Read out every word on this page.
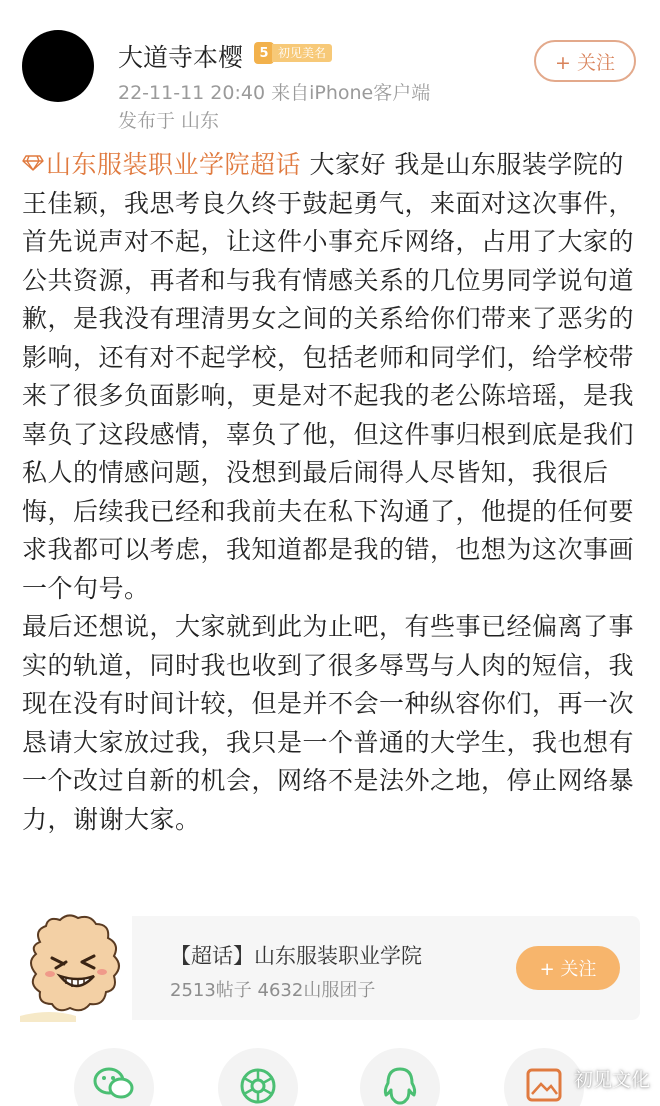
大道寺本樱	5 初见美名
22-11-11 20:40 来自iPhone客户端
发布于 山东
+ 关注
山东服装职业学院超话 大家好 我是山东服装学院的王佳颖，我思考良久终于鼓起勇气，来面对这次事件，首先说声对不起，让这件小事充斥网络，占用了大家的公共资源，再者和与我有情感关系的几位男同学说句道歉，是我没有理清男女之间的关系给你们带来了恶劣的影响，还有对不起学校，包括老师和同学们，给学校带来了很多负面影响，更是对不起我的老公陈培瑶，是我辜负了这段感情，辜负了他，但这件事归根到底是我们私人的情感问题，没想到最后闹得人尽皆知，我很后悔，后续我已经和我前夫在私下沟通了，他提的任何要求我都可以考虑，我知道都是我的错，也想为这次事画一个句号。
最后还想说，大家就到此为止吧，有些事已经偏离了事实的轨道，同时我也收到了很多辱骂与人肉的短信，我现在没有时间计较，但是并不会一种纵容你们，再一次恳请大家放过我，我只是一个普通的大学生，我也想有一个改过自新的机会，网络不是法外之地，停止网络暴力，谢谢大家。
【超话】山东服装职业学院
2513帖子 4632山服团子
+ 关注
初见文化
